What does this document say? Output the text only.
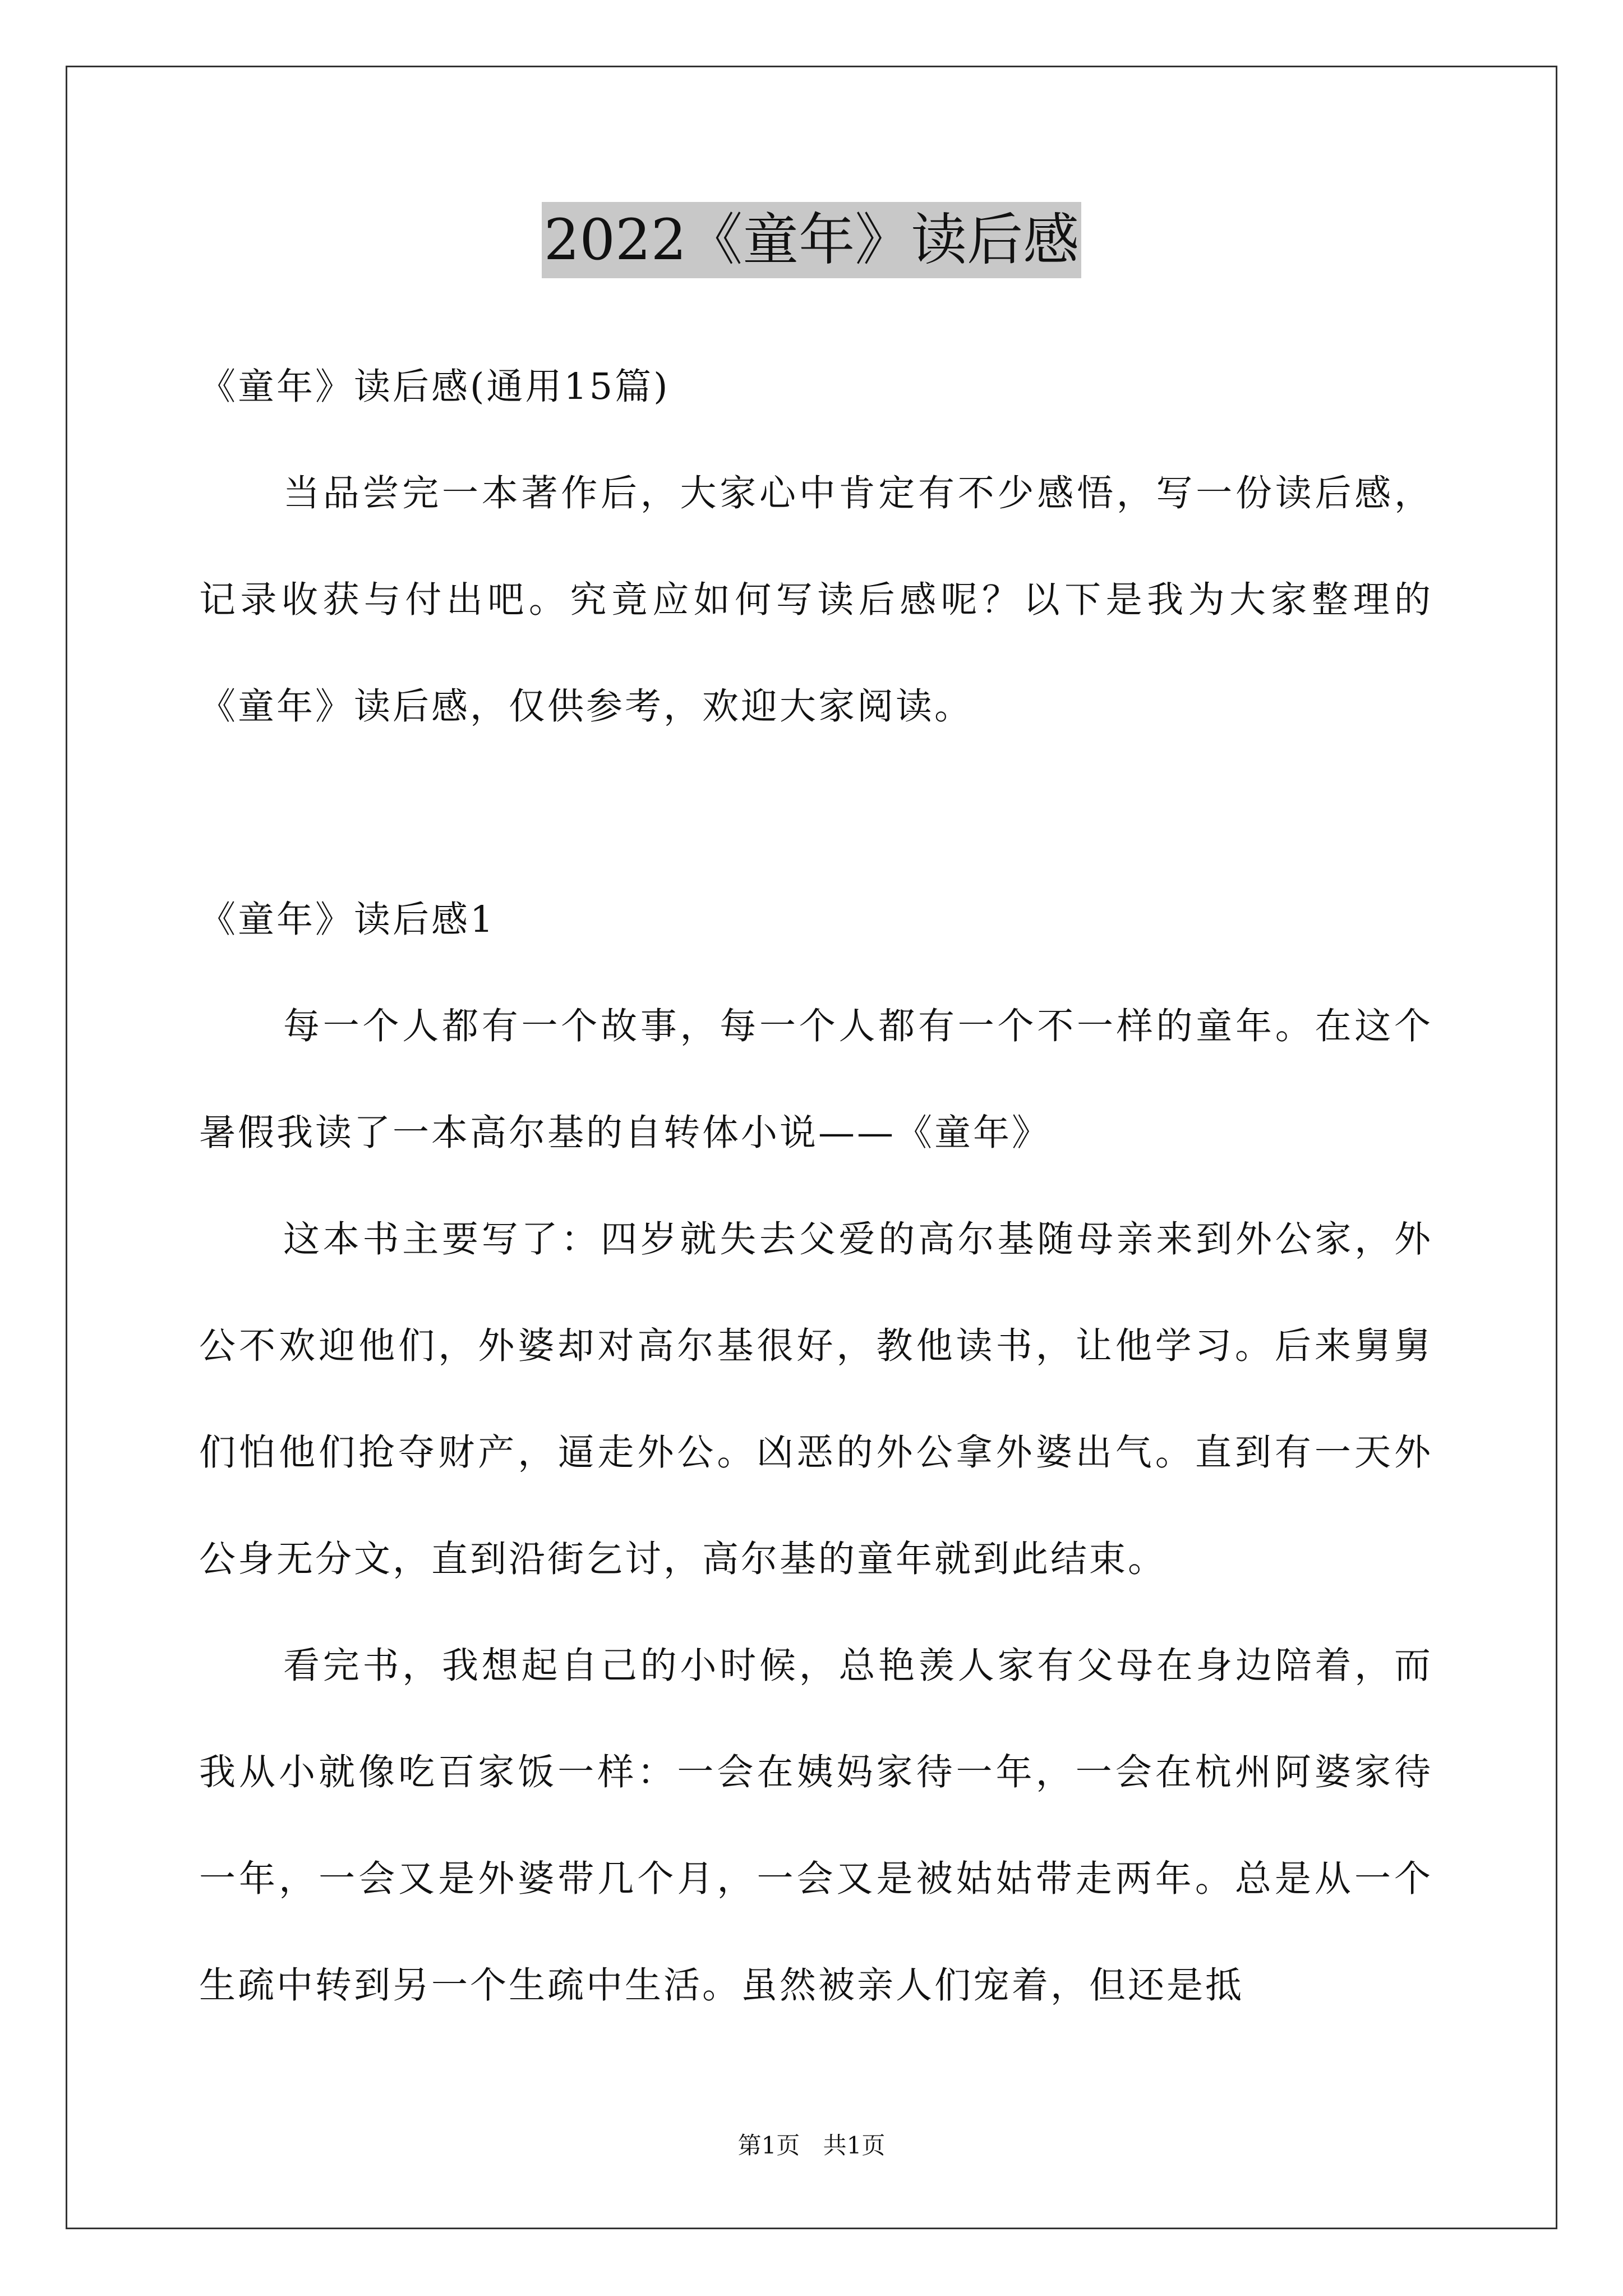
2022《童年》读后感

《童年》读后感(通用15篇)

当品尝完一本著作后，大家心中肯定有不少感悟，写一份读后感，记录收获与付出吧。究竟应如何写读后感呢？以下是我为大家整理的《童年》读后感，仅供参考，欢迎大家阅读。

《童年》读后感1

每一个人都有一个故事，每一个人都有一个不一样的童年。在这个暑假我读了一本高尔基的自转体小说——《童年》

这本书主要写了：四岁就失去父爱的高尔基随母亲来到外公家，外公不欢迎他们，外婆却对高尔基很好，教他读书，让他学习。后来舅舅们怕他们抢夺财产，逼走外公。凶恶的外公拿外婆出气。直到有一天外公身无分文，直到沿街乞讨，高尔基的童年就到此结束。

看完书，我想起自己的小时候，总艳羡人家有父母在身边陪着，而我从小就像吃百家饭一样：一会在姨妈家待一年，一会在杭州阿婆家待一年，一会又是外婆带几个月，一会又是被姑姑带走两年。总是从一个生疏中转到另一个生疏中生活。虽然被亲人们宠着，但还是抵

第1页 共1页
